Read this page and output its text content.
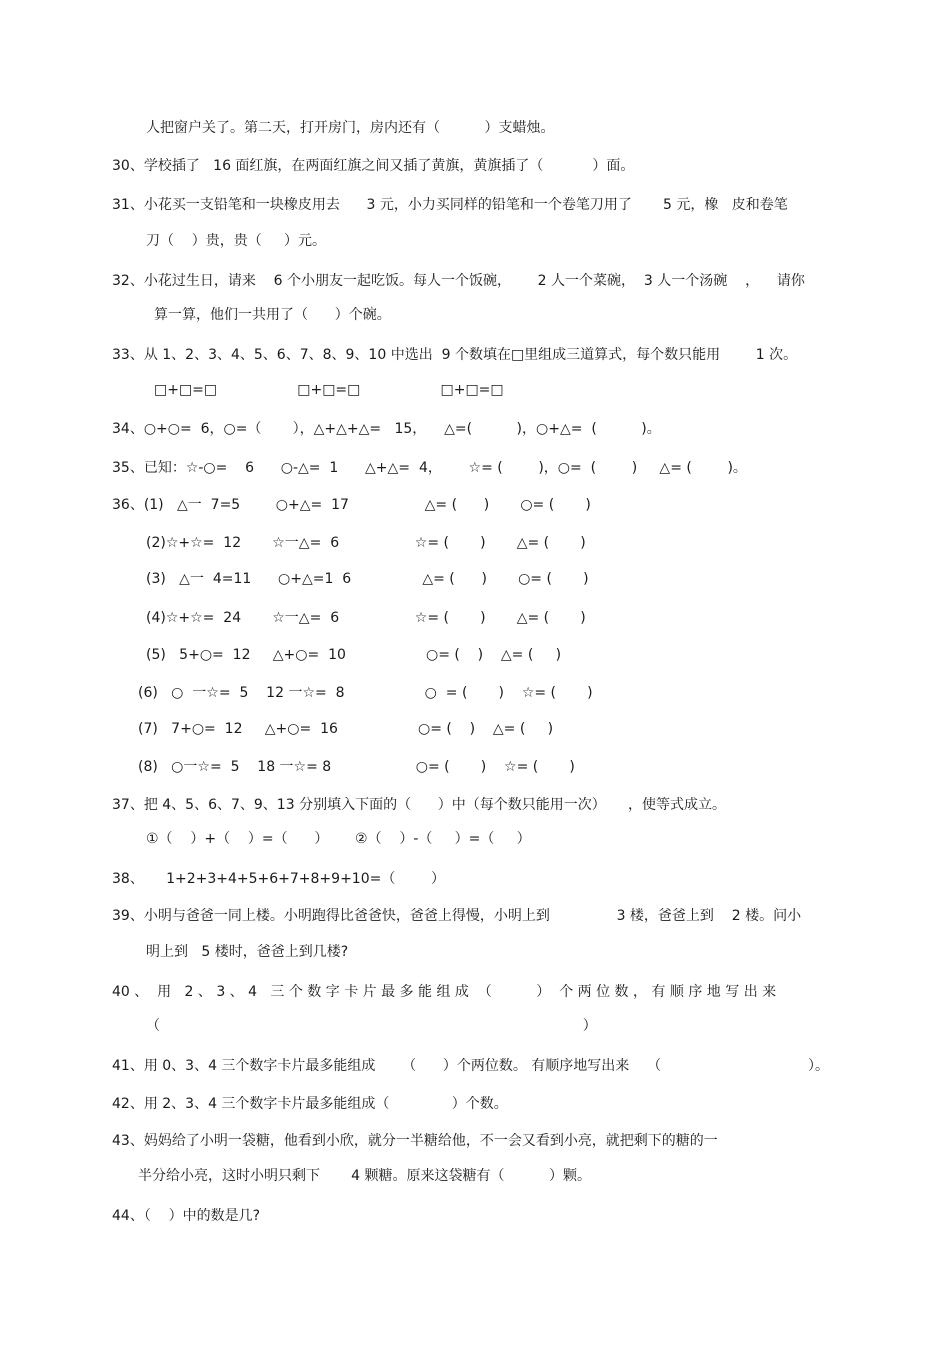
人把窗户关了。第二天，打开房门，房内还有（          ）支蜡烛。
30、学校插了   16 面红旗，在两面红旗之间又插了黄旗，黄旗插了（           ）面。
31、小花买一支铅笔和一块橡皮用去      3 元，小力买同样的铅笔和一个卷笔刀用了       5 元，橡   皮和卷笔
刀（    ）贵，贵（     ）元。
32、小花过生日，请来    6 个小朋友一起吃饭。每人一个饭碗，      2 人一个菜碗，  3 人一个汤碗    ，    请你
算一算，他们一共用了（      ）个碗。
33、从 1、2、3、4、5、6、7、8、9、10 中选出  9 个数填在□里组成三道算式，每个数只能用        1 次。
□+□=□                  □+□=□                  □+□=□
34、○+○=  6，○=（       ），△+△+△=   15，    △=(          )，○+△=  (          )。
35、已知：☆-○=    6      ○-△=  1      △+△=  4，      ☆= (        )，○=  (        )     △= (        )。
36、(1)   △一  7=5        ○+△=  17                 △= (      )       ○= (       )
(2)☆+☆=  12       ☆一△=  6                 ☆= (       )       △= (       )
(3)   △一  4=11      ○+△=1  6                △= (      )       ○= (       )
(4)☆+☆=  24       ☆一△=  6                 ☆= (       )       △= (       )
(5)   5+○=  12     △+○=  10                  ○= (    )    △= (     )
(6)   ○  一☆=  5    12 一☆=  8                  ○  = (       )    ☆= (       )
(7)   7+○=  12     △+○=  16                  ○= (    )    △= (     )
(8)   ○一☆=  5    18 一☆= 8                   ○= (       )    ☆= (       )
37、把 4、5、6、7、9、13 分别填入下面的（      ）中（每个数只能用一次）     ，使等式成立。
①（    ）+（    ）=（      ）      ②（    ）-（     ）=（     ）
38、     1+2+3+4+5+6+7+8+9+10=（        ）
39、小明与爸爸一同上楼。小明跑得比爸爸快，爸爸上得慢，小明上到               3 楼，爸爸上到    2 楼。问小
明上到   5 楼时，爸爸上到几楼?
40 、  用   2 、 3 、 4   三 个 数 字 卡 片 最 多 能 组 成  （          ）  个 两 位 数 ， 有 顺 序 地 写 出 来
（                                                                                               ）
41、用 0、3、4 三个数字卡片最多能组成      （      ）个两位数。 有顺序地写出来    （                                 ）。
42、用 2、3、4 三个数字卡片最多能组成（              ）个数。
43、妈妈给了小明一袋糖，他看到小欣，就分一半糖给他，不一会又看到小亮，就把剩下的糖的一
半分给小亮，这时小明只剩下       4 颗糖。原来这袋糖有（          ）颗。
44、（    ）中的数是几?
